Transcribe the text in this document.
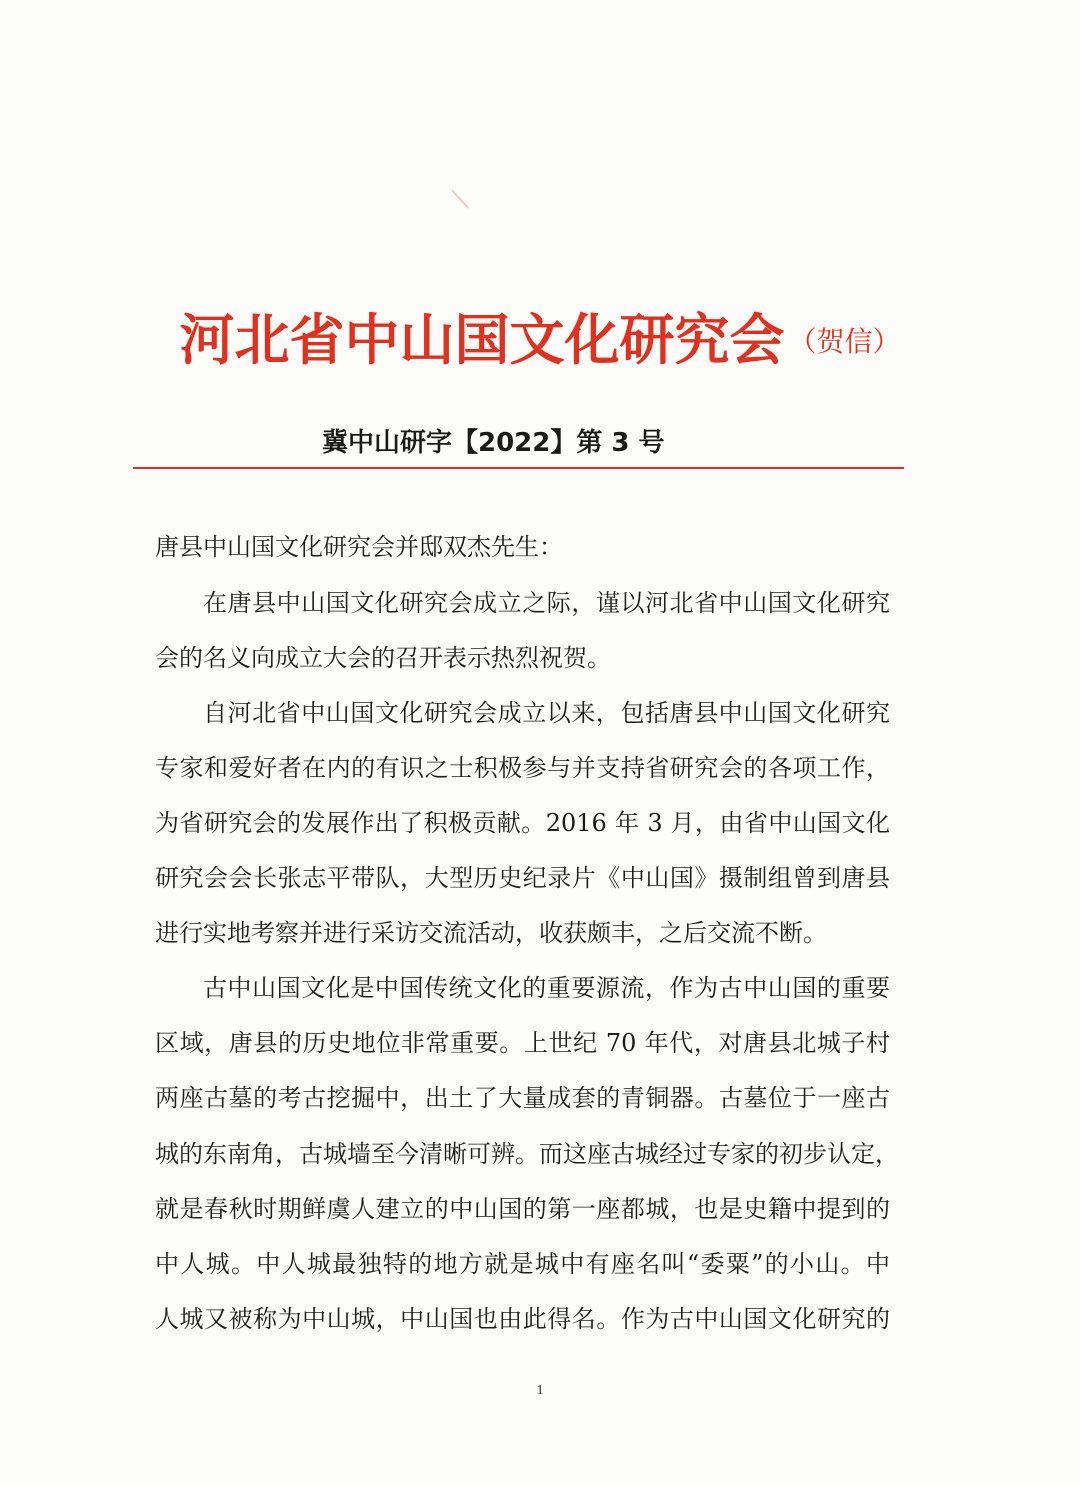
河北省中山国文化研究会 （贺信）
冀中山研字【2022】第 3 号
唐县中山国文化研究会并邸双杰先生：
在唐县中山国文化研究会成立之际，谨以河北省中山国文化研究
会的名义向成立大会的召开表示热烈祝贺。
自河北省中山国文化研究会成立以来，包括唐县中山国文化研究
专家和爱好者在内的有识之士积极参与并支持省研究会的各项工作，
为省研究会的发展作出了积极贡献。2016 年 3 月，由省中山国文化
研究会会长张志平带队，大型历史纪录片《中山国》摄制组曾到唐县
进行实地考察并进行采访交流活动，收获颇丰，之后交流不断。
古中山国文化是中国传统文化的重要源流，作为古中山国的重要
区域，唐县的历史地位非常重要。上世纪 70 年代，对唐县北城子村
两座古墓的考古挖掘中，出土了大量成套的青铜器。古墓位于一座古
城的东南角，古城墙至今清晰可辨。而这座古城经过专家的初步认定，
就是春秋时期鲜虞人建立的中山国的第一座都城，也是史籍中提到的
中人城。中人城最独特的地方就是城中有座名叫“委粟”的小山。中
人城又被称为中山城，中山国也由此得名。作为古中山国文化研究的
1
